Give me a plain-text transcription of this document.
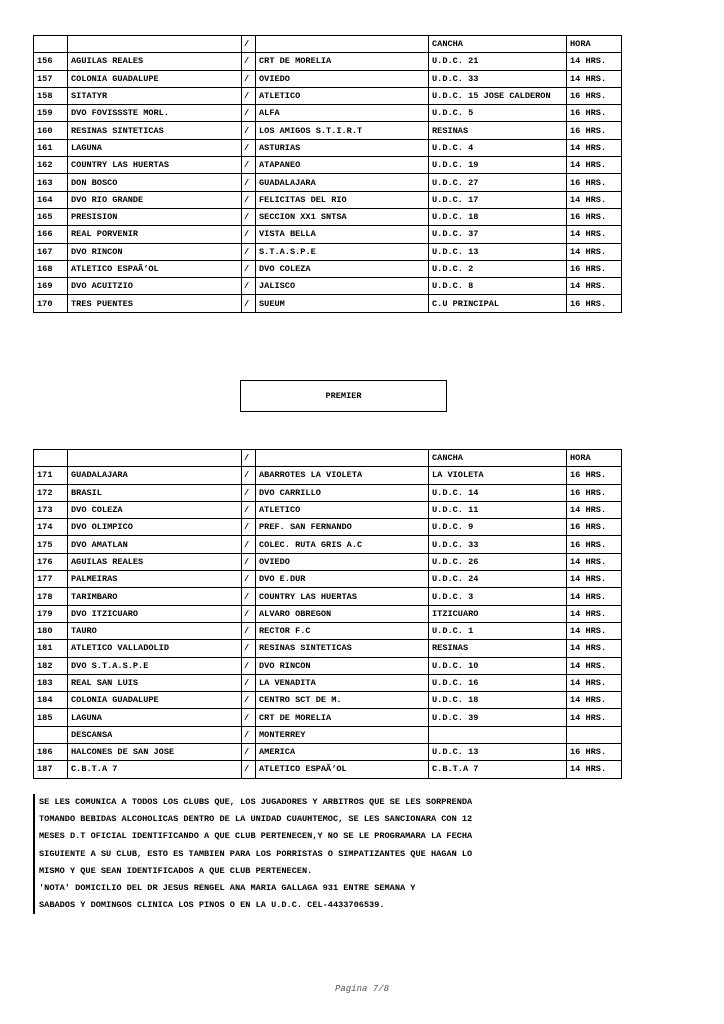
		/		CANCHA	HORA
156	AGUILAS REALES	/	CRT DE MORELIA	U.D.C. 21	14 HRS.
157	COLONIA GUADALUPE	/	OVIEDO	U.D.C. 33	14 HRS.
158	SITATYR	/	ATLETICO	U.D.C. 15 JOSE CALDERON	16 HRS.
159	DVO FOVISSSTE MORL.	/	ALFA	U.D.C. 5	16 HRS.
160	RESINAS SINTETICAS	/	LOS AMIGOS S.T.I.R.T	RESINAS	16 HRS.
161	LAGUNA	/	ASTURIAS	U.D.C. 4	14 HRS.
162	COUNTRY LAS HUERTAS	/	ATAPANEO	U.D.C. 19	14 HRS.
163	DON BOSCO	/	GUADALAJARA	U.D.C. 27	16 HRS.
164	DVO RIO GRANDE	/	FELICITAS DEL RIO	U.D.C. 17	14 HRS.
165	PRESISION	/	SECCION XX1 SNTSA	U.D.C. 18	16 HRS.
166	REAL PORVENIR	/	VISTA BELLA	U.D.C. 37	14 HRS.
167	DVO RINCON	/	S.T.A.S.P.E	U.D.C. 13	14 HRS.
168	ATLETICO ESPAÃ‘OL	/	DVO COLEZA	U.D.C. 2	16 HRS.
169	DVO ACUITZIO	/	JALISCO	U.D.C. 8	14 HRS.
170	TRES PUENTES	/	SUEUM	C.U PRINCIPAL	16 HRS.
PREMIER
		/		CANCHA	HORA
171	GUADALAJARA	/	ABARROTES LA VIOLETA	LA VIOLETA	16 HRS.
172	BRASIL	/	DVO CARRILLO	U.D.C. 14	16 HRS.
173	DVO COLEZA	/	ATLETICO	U.D.C. 11	14 HRS.
174	DVO OLIMPICO	/	PREF. SAN FERNANDO	U.D.C. 9	16 HRS.
175	DVO AMATLAN	/	COLEC. RUTA GRIS A.C	U.D.C. 33	16 HRS.
176	AGUILAS REALES	/	OVIEDO	U.D.C. 26	14 HRS.
177	PALMEIRAS	/	DVO E.DUR	U.D.C. 24	14 HRS.
178	TARIMBARO	/	COUNTRY LAS HUERTAS	U.D.C. 3	14 HRS.
179	DVO ITZICUARO	/	ALVARO OBREGON	ITZICUARO	14 HRS.
180	TAURO	/	RECTOR F.C	U.D.C. 1	14 HRS.
181	ATLETICO VALLADOLID	/	RESINAS SINTETICAS	RESINAS	14 HRS.
182	DVO S.T.A.S.P.E	/	DVO RINCON	U.D.C. 10	14 HRS.
183	REAL SAN LUIS	/	LA VENADITA	U.D.C. 16	14 HRS.
184	COLONIA GUADALUPE	/	CENTRO SCT DE M.	U.D.C. 18	14 HRS.
185	LAGUNA	/	CRT DE MORELIA	U.D.C. 39	14 HRS.
	DESCANSA	/	MONTERREY		
186	HALCONES DE SAN JOSE	/	AMERICA	U.D.C. 13	16 HRS.
187	C.B.T.A 7	/	ATLETICO ESPAÃ‘OL	C.B.T.A 7	14 HRS.

SE LES COMUNICA A TODOS LOS CLUBS QUE, LOS JUGADORES Y ARBITROS QUE SE LES SORPRENDA

TOMANDO BEBIDAS ALCOHOLICAS DENTRO DE LA UNIDAD CUAUHTEMOC, SE LES SANCIONARA CON 12

MESES D.T OFICIAL IDENTIFICANDO A QUE CLUB PERTENECEN,Y NO SE LE PROGRAMARA LA FECHA

SIGUIENTE A SU CLUB, ESTO ES TAMBIEN PARA LOS PORRISTAS O SIMPATIZANTES QUE HAGAN LO

MISMO Y QUE SEAN IDENTIFICADOS A QUE CLUB PERTENECEN.

'NOTA' DOMICILIO DEL DR JESUS RENGEL ANA MARIA GALLAGA 931 ENTRE SEMANA Y

SABADOS Y DOMINGOS CLINICA LOS PINOS O EN LA U.D.C. CEL-4433706539.

Pagina 7/8
